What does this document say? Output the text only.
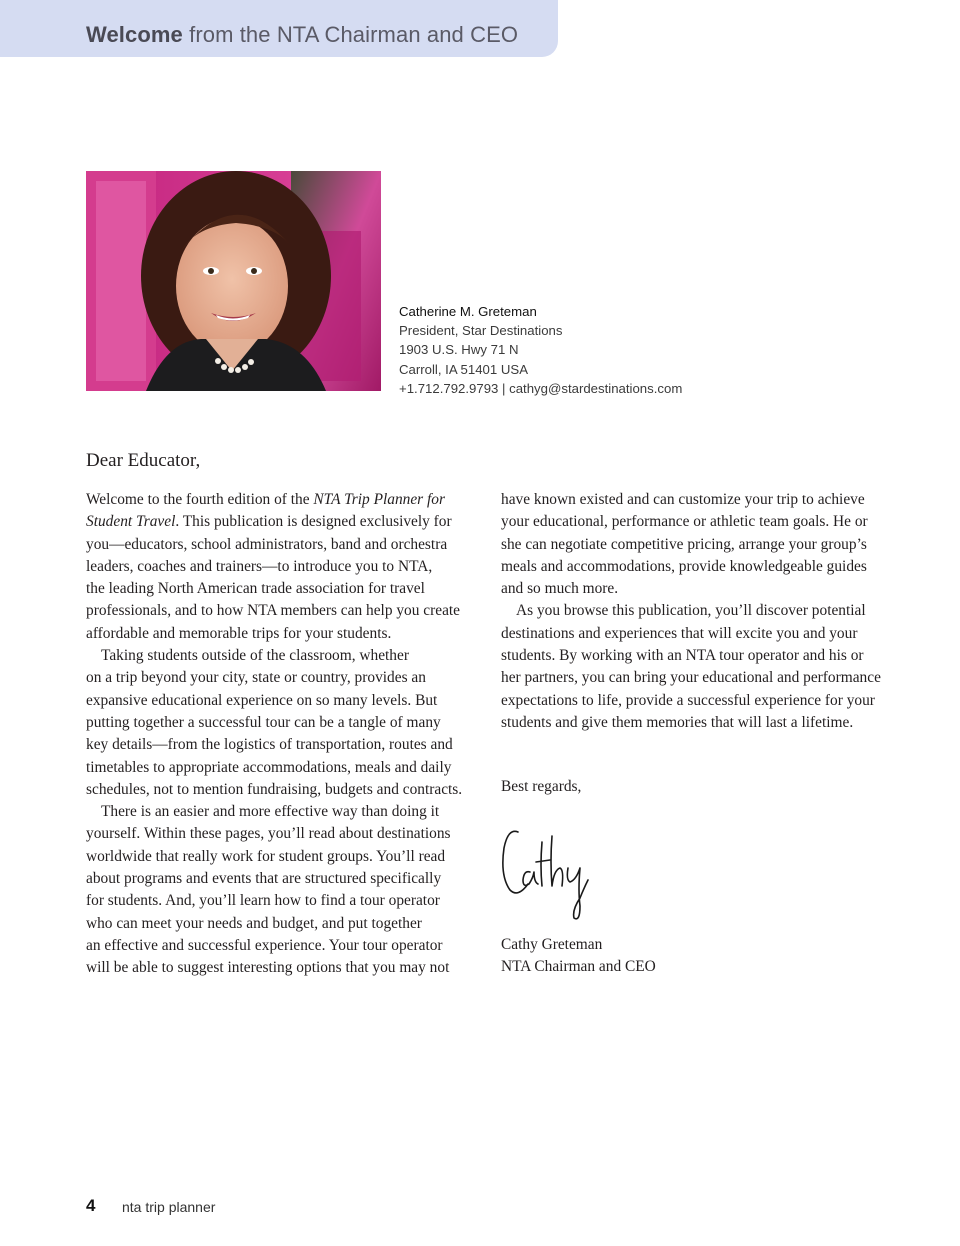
Welcome from the NTA Chairman and CEO
Catherine M. Greteman
President, Star Destinations
1903 U.S. Hwy 71 N
Carroll, IA 51401 USA
+1.712.792.9793 | cathyg@stardestinations.com
Dear Educator,
Welcome to the fourth edition of the NTA Trip Planner for
Student Travel. This publication is designed exclusively for
you—educators, school administrators, band and orchestra
leaders, coaches and trainers—to introduce you to NTA,
the leading North American trade association for travel
professionals, and to how NTA members can help you create
affordable and memorable trips for your students.
Taking students outside of the classroom, whether
on a trip beyond your city, state or country, provides an
expansive educational experience on so many levels. But
putting together a successful tour can be a tangle of many
key details—from the logistics of transportation, routes and
timetables to appropriate accommodations, meals and daily
schedules, not to mention fundraising, budgets and contracts.
There is an easier and more effective way than doing it
yourself. Within these pages, you’ll read about destinations
worldwide that really work for student groups. You’ll read
about programs and events that are structured specifically
for students. And, you’ll learn how to find a tour operator
who can meet your needs and budget, and put together
an effective and successful experience. Your tour operator
will be able to suggest interesting options that you may not
have known existed and can customize your trip to achieve
your educational, performance or athletic team goals. He or
she can negotiate competitive pricing, arrange your group’s
meals and accommodations, provide knowledgeable guides
and so much more.
As you browse this publication, you’ll discover potential
destinations and experiences that will excite you and your
students. By working with an NTA tour operator and his or
her partners, you can bring your educational and performance
expectations to life, provide a successful experience for your
students and give them memories that will last a lifetime.
Best regards,
Cathy Greteman
NTA Chairman and CEO
4 nta trip planner
